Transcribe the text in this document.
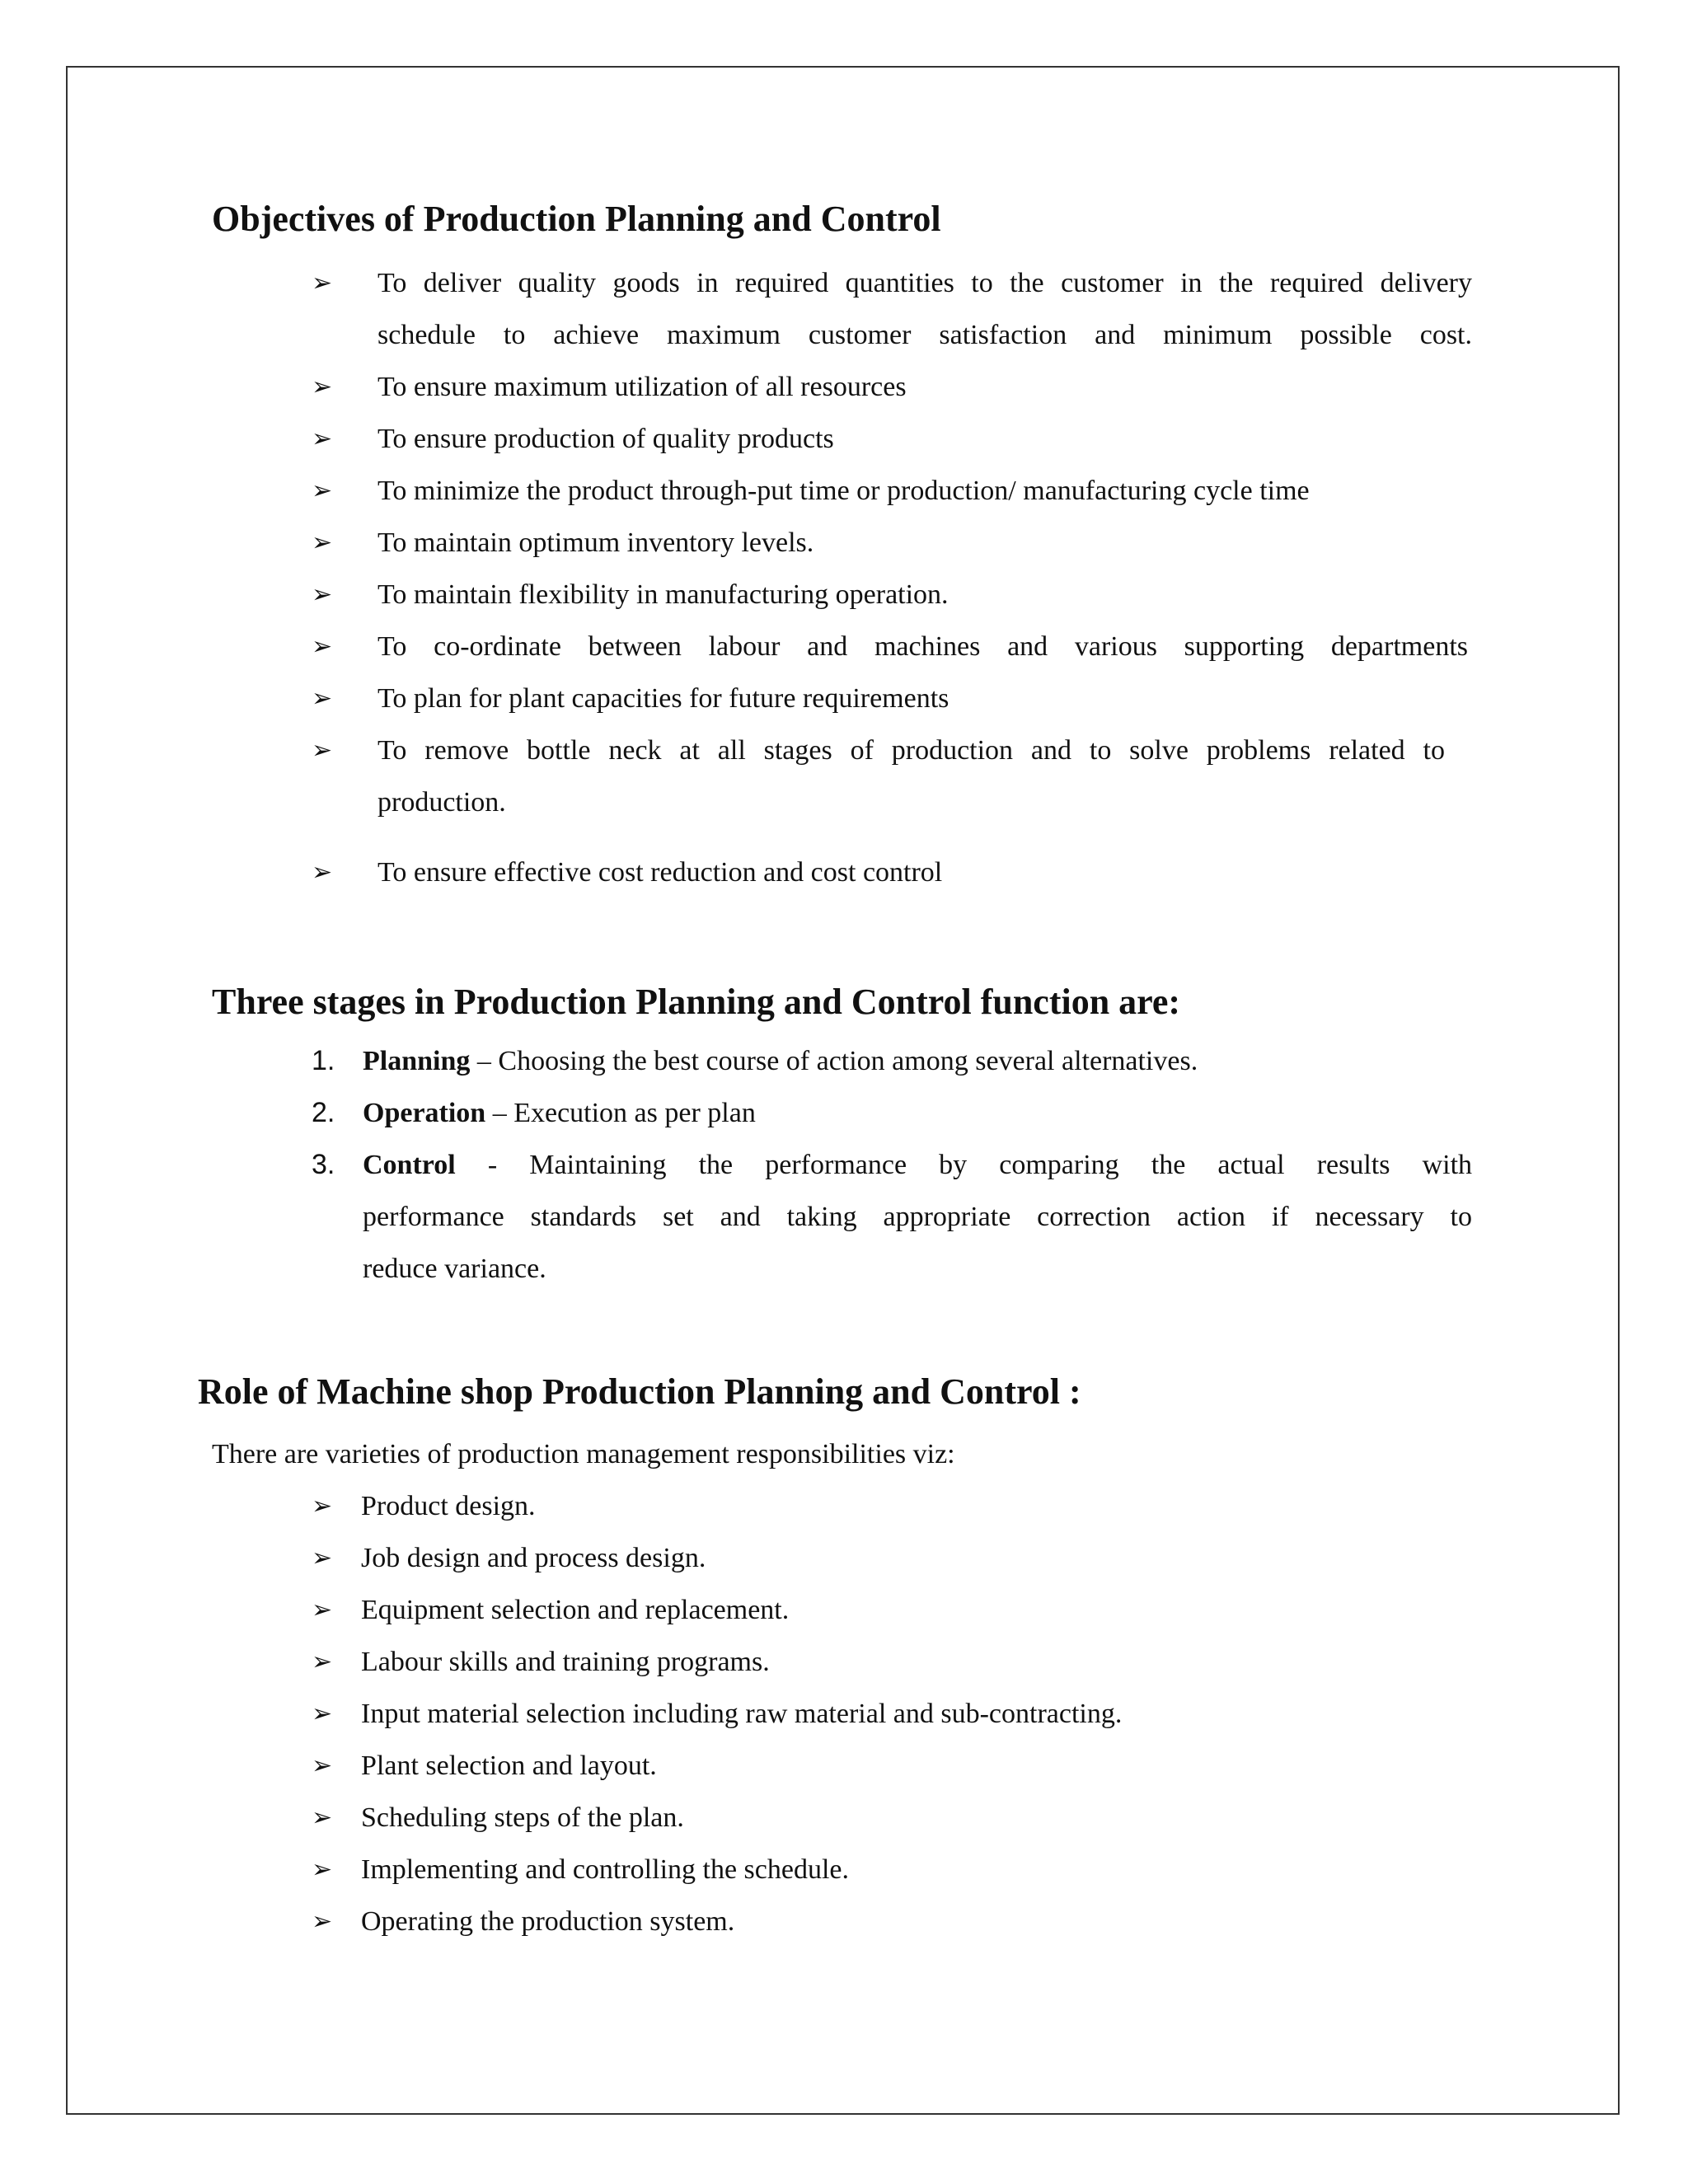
Objectives of Production Planning and Control
➢ To deliver quality goods in required quantities to the customer in the required delivery
schedule to achieve maximum customer satisfaction and minimum possible cost.
➢ To ensure maximum utilization of all resources
➢ To ensure production of quality products
➢ To minimize the product through-put time or production/ manufacturing cycle time
➢ To maintain optimum inventory levels.
➢ To maintain flexibility in manufacturing operation.
➢ To co-ordinate between labour and machines and various supporting departments
➢ To plan for plant capacities for future requirements
➢ To remove bottle neck at all stages of production and to solve problems related to
production.
➢ To ensure effective cost reduction and cost control
Three stages in Production Planning and Control function are:
1. Planning – Choosing the best course of action among several alternatives.
2. Operation – Execution as per plan
3. Control - Maintaining the performance by comparing the actual results with
performance standards set and taking appropriate correction action if necessary to
reduce variance.
Role of Machine shop Production Planning and Control :
There are varieties of production management responsibilities viz:
➢ Product design.
➢ Job design and process design.
➢ Equipment selection and replacement.
➢ Labour skills and training programs.
➢ Input material selection including raw material and sub-contracting.
➢ Plant selection and layout.
➢ Scheduling steps of the plan.
➢ Implementing and controlling the schedule.
➢ Operating the production system.
